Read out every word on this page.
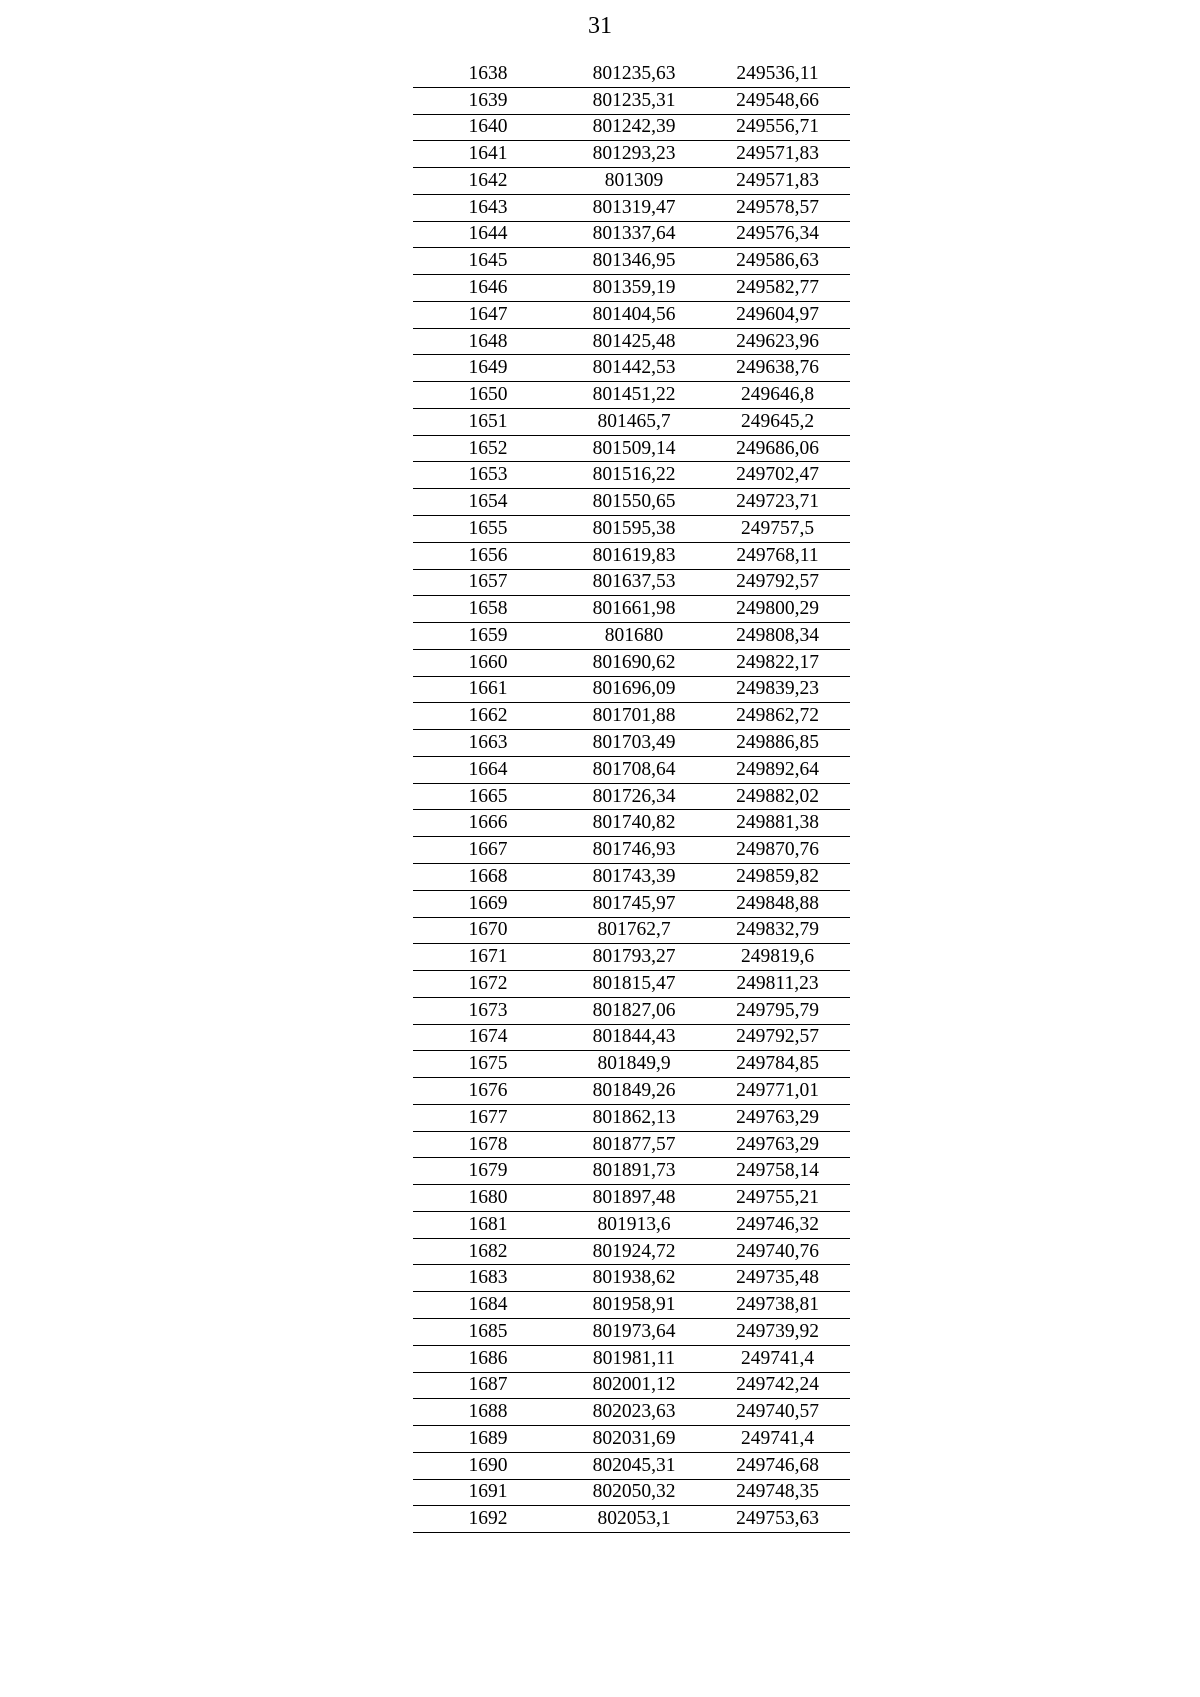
31
1638	801235,63	249536,11
1639	801235,31	249548,66
1640	801242,39	249556,71
1641	801293,23	249571,83
1642	801309	249571,83
1643	801319,47	249578,57
1644	801337,64	249576,34
1645	801346,95	249586,63
1646	801359,19	249582,77
1647	801404,56	249604,97
1648	801425,48	249623,96
1649	801442,53	249638,76
1650	801451,22	249646,8
1651	801465,7	249645,2
1652	801509,14	249686,06
1653	801516,22	249702,47
1654	801550,65	249723,71
1655	801595,38	249757,5
1656	801619,83	249768,11
1657	801637,53	249792,57
1658	801661,98	249800,29
1659	801680	249808,34
1660	801690,62	249822,17
1661	801696,09	249839,23
1662	801701,88	249862,72
1663	801703,49	249886,85
1664	801708,64	249892,64
1665	801726,34	249882,02
1666	801740,82	249881,38
1667	801746,93	249870,76
1668	801743,39	249859,82
1669	801745,97	249848,88
1670	801762,7	249832,79
1671	801793,27	249819,6
1672	801815,47	249811,23
1673	801827,06	249795,79
1674	801844,43	249792,57
1675	801849,9	249784,85
1676	801849,26	249771,01
1677	801862,13	249763,29
1678	801877,57	249763,29
1679	801891,73	249758,14
1680	801897,48	249755,21
1681	801913,6	249746,32
1682	801924,72	249740,76
1683	801938,62	249735,48
1684	801958,91	249738,81
1685	801973,64	249739,92
1686	801981,11	249741,4
1687	802001,12	249742,24
1688	802023,63	249740,57
1689	802031,69	249741,4
1690	802045,31	249746,68
1691	802050,32	249748,35
1692	802053,1	249753,63
